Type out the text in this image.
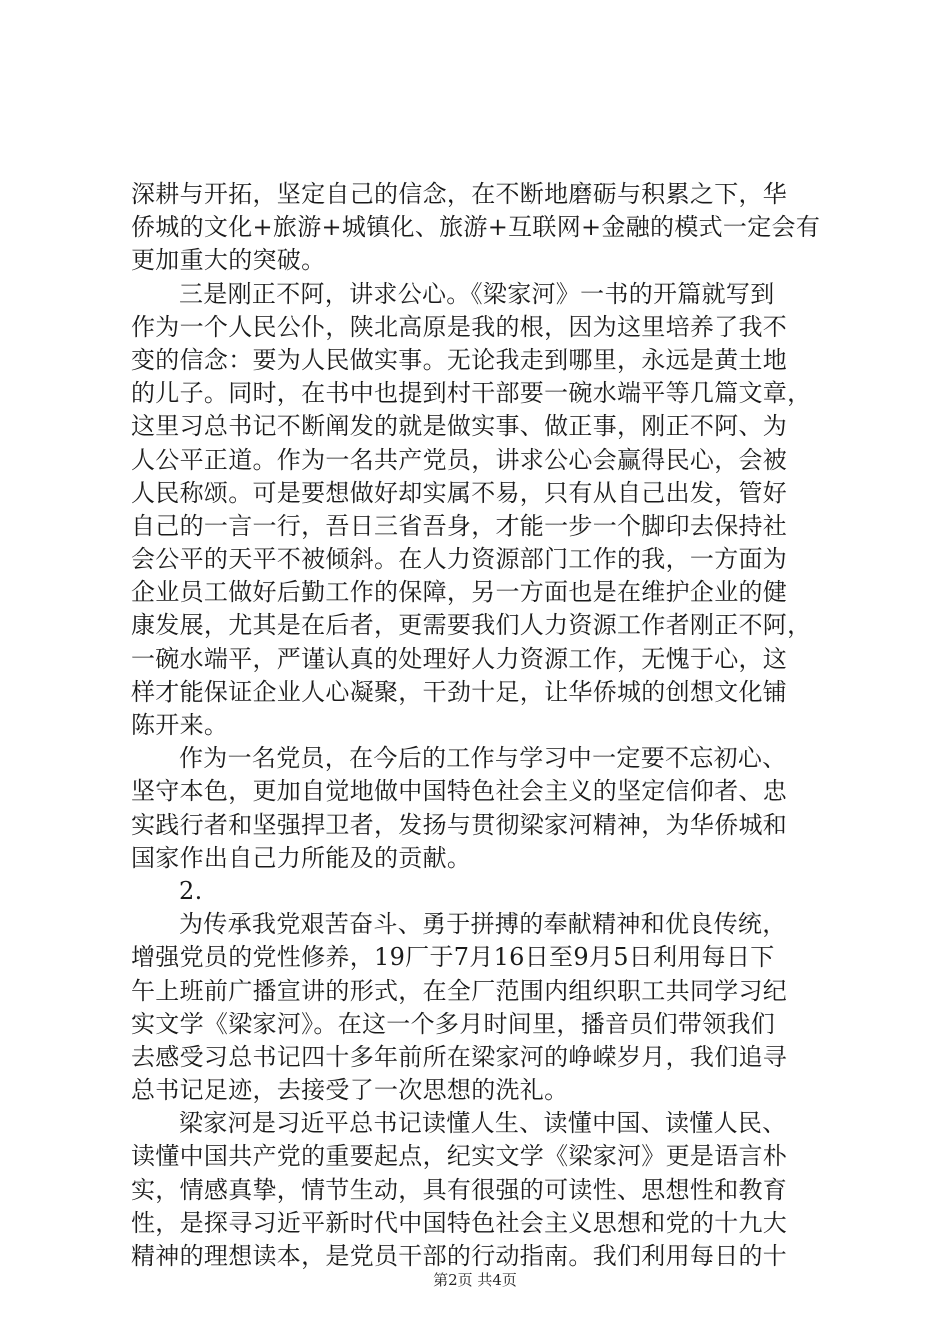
深耕与开拓，坚定自己的信念，在不断地磨砺与积累之下，华
侨城的文化+旅游+城镇化、旅游+互联网+金融的模式一定会有
更加重大的突破。
三是刚正不阿，讲求公心。《梁家河》一书的开篇就写到
作为一个人民公仆，陕北高原是我的根，因为这里培养了我不
变的信念：要为人民做实事。无论我走到哪里，永远是黄土地
的儿子。同时，在书中也提到村干部要一碗水端平等几篇文章，
这里习总书记不断阐发的就是做实事、做正事，刚正不阿、为
人公平正道。作为一名共产党员，讲求公心会赢得民心，会被
人民称颂。可是要想做好却实属不易，只有从自己出发，管好
自己的一言一行，吾日三省吾身，才能一步一个脚印去保持社
会公平的天平不被倾斜。在人力资源部门工作的我，一方面为
企业员工做好后勤工作的保障，另一方面也是在维护企业的健
康发展，尤其是在后者，更需要我们人力资源工作者刚正不阿，
一碗水端平，严谨认真的处理好人力资源工作，无愧于心，这
样才能保证企业人心凝聚，干劲十足，让华侨城的创想文化铺
陈开来。
作为一名党员，在今后的工作与学习中一定要不忘初心、
坚守本色，更加自觉地做中国特色社会主义的坚定信仰者、忠
实践行者和坚强捍卫者，发扬与贯彻梁家河精神，为华侨城和
国家作出自己力所能及的贡献。
2.
为传承我党艰苦奋斗、勇于拼搏的奉献精神和优良传统，
增强党员的党性修养，19厂于7月16日至9月5日利用每日下
午上班前广播宣讲的形式，在全厂范围内组织职工共同学习纪
实文学《梁家河》。在这一个多月时间里，播音员们带领我们
去感受习总书记四十多年前所在梁家河的峥嵘岁月，我们追寻
总书记足迹，去接受了一次思想的洗礼。
梁家河是习近平总书记读懂人生、读懂中国、读懂人民、
读懂中国共产党的重要起点，纪实文学《梁家河》更是语言朴
实，情感真挚，情节生动，具有很强的可读性、思想性和教育
性，是探寻习近平新时代中国特色社会主义思想和党的十九大
精神的理想读本，是党员干部的行动指南。我们利用每日的十
第2页 共4页
